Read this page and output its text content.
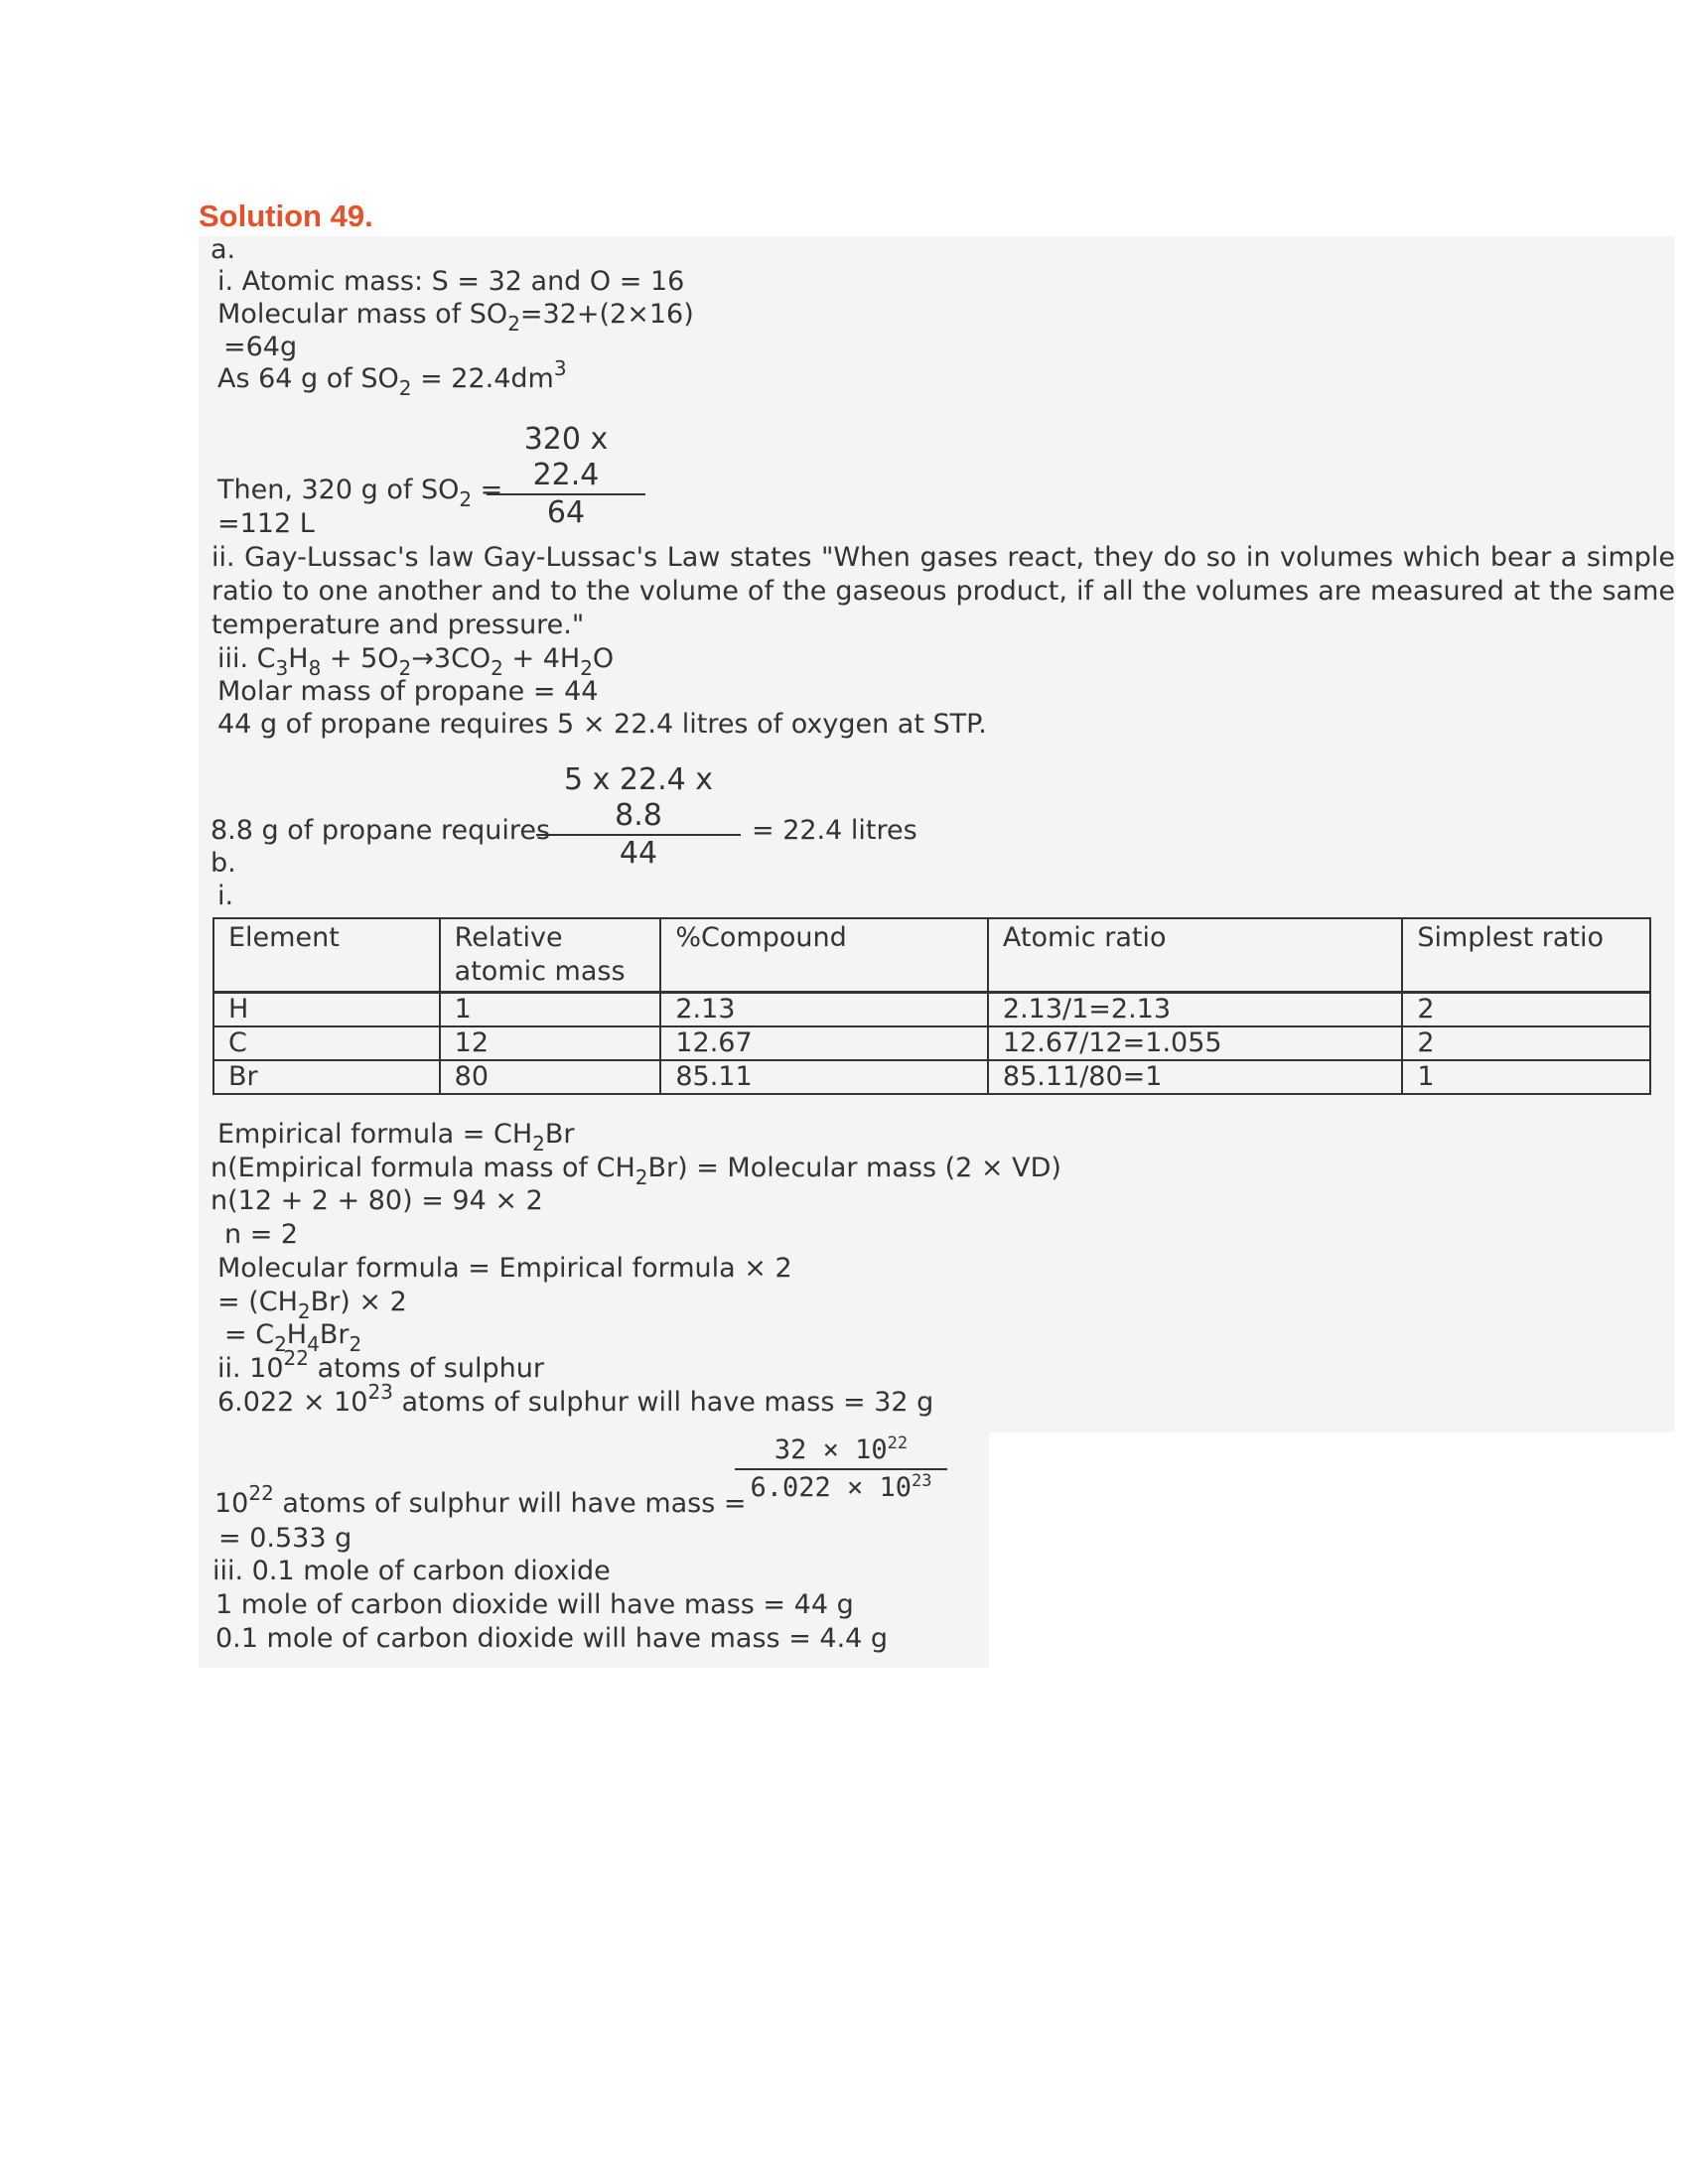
Solution 49.
a.
i. Atomic mass: S = 32 and O = 16
Molecular mass of $SO_2=32+(2\times 16)$
=64g
As 64 g of $SO_2 = 22.4dm^3$
320 x 22.4
64
Then, 320 g of $SO_2$ =
=112 L
ii. Gay-Lussac's law Gay-Lussac's Law states "When gases react, they do so in volumes which bear a simple ratio to one another and to the volume of the gaseous product, if all the volumes are measured at the same temperature and pressure."
iii. $C_3H_8 + 5O_2\to 3CO_2 + 4H_2O$
Molar mass of propane = 44
44 g of propane requires 5 × 22.4 litres of oxygen at STP.
5 x 22.4 x 8.8
44
8.8 g of propane requires	= 22.4 litres
b.
i.
Element	Relative atomic mass	%Compound	Atomic ratio	Simplest ratio
H	1	2.13	2.13/1=2.13	2
C	12	12.67	12.67/12=1.055	2
Br	80	85.11	85.11/80=1	1
Empirical formula = $CH_2Br$
n(Empirical formula mass of $CH_2Br$) = Molecular mass (2 × VD)
n(12 + 2 + 80) = 94 × 2
n = 2
Molecular formula = Empirical formula × 2
= $(CH_2Br) \times 2$
= $C_2H_4Br_2$
ii. $10^{22}$ atoms of sulphur
$6.022 \times 10^{23}$ atoms of sulphur will have mass = 32 g
$32 \times 10^{22}$
$6.022 \times 10^{23}$
$10^{22}$ atoms of sulphur will have mass =
= 0.533 g
iii. 0.1 mole of carbon dioxide
1 mole of carbon dioxide will have mass = 44 g
0.1 mole of carbon dioxide will have mass = 4.4 g
